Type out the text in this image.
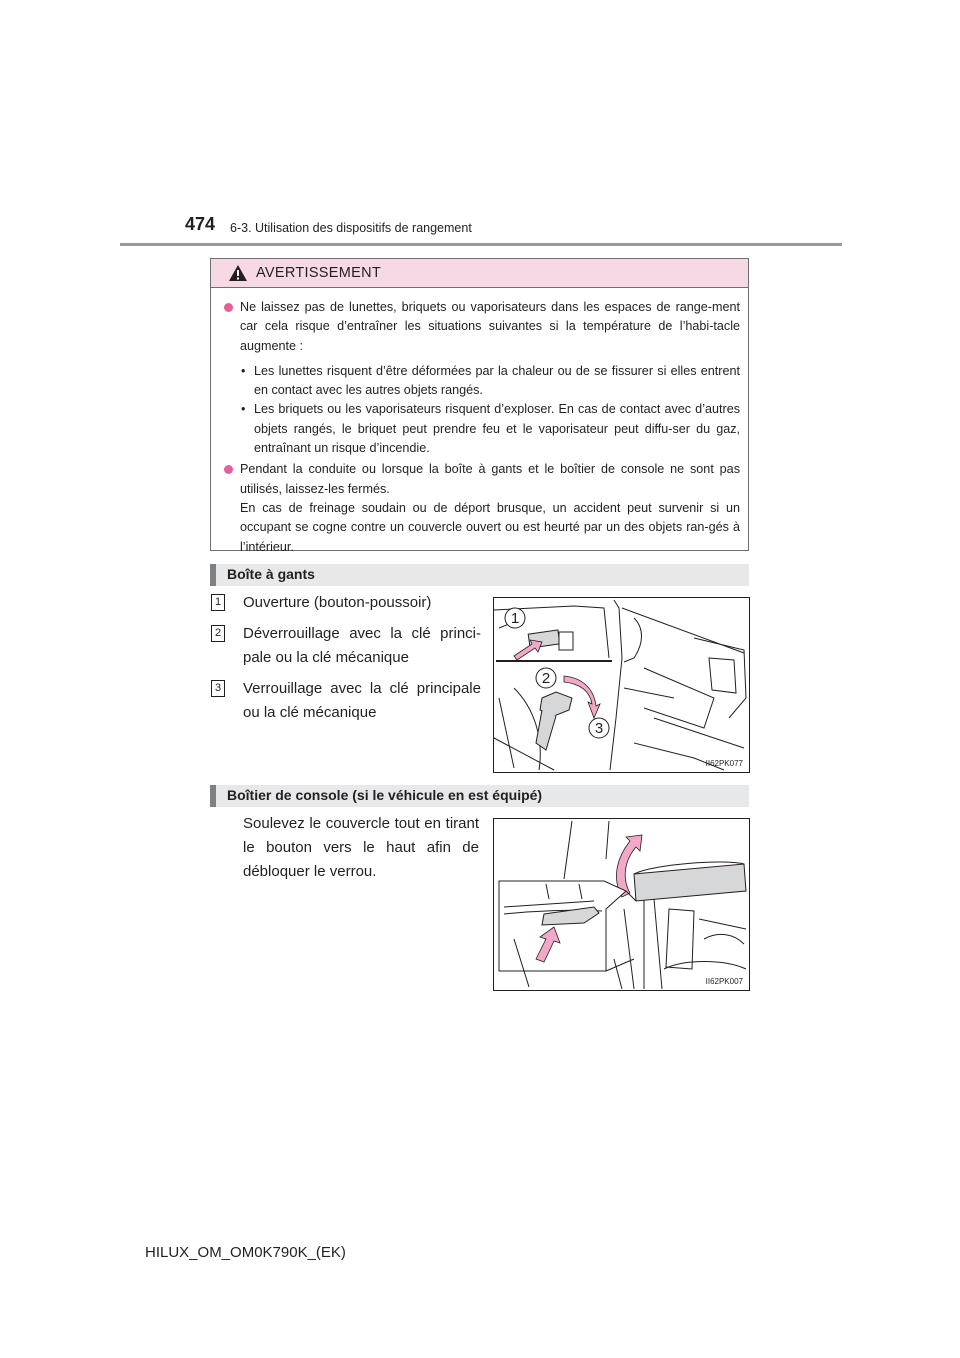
474 6-3. Utilisation des dispositifs de rangement
AVERTISSEMENT
Ne laissez pas de lunettes, briquets ou vaporisateurs dans les espaces de range-ment car cela risque d’entraîner les situations suivantes si la température de l’habi-tacle augmente :
• Les lunettes risquent d’être déformées par la chaleur ou de se fissurer si elles entrent en contact avec les autres objets rangés.
• Les briquets ou les vaporisateurs risquent d’exploser. En cas de contact avec d’autres objets rangés, le briquet peut prendre feu et le vaporisateur peut diffu-ser du gaz, entraînant un risque d’incendie.
Pendant la conduite ou lorsque la boîte à gants et le boîtier de console ne sont pas utilisés, laissez-les fermés.
En cas de freinage soudain ou de déport brusque, un accident peut survenir si un occupant se cogne contre un couvercle ouvert ou est heurté par un des objets ran-gés à l’intérieur.
Boîte à gants
1 Ouverture (bouton-poussoir)
2 Déverrouillage avec la clé princi-pale ou la clé mécanique
3 Verrouillage avec la clé principale ou la clé mécanique
1
2
3
II62PK077
Boîtier de console (si le véhicule en est équipé)
Soulevez le couvercle tout en tirant le bouton vers le haut afin de débloquer le verrou.
II62PK007
HILUX_OM_OM0K790K_(EK)
